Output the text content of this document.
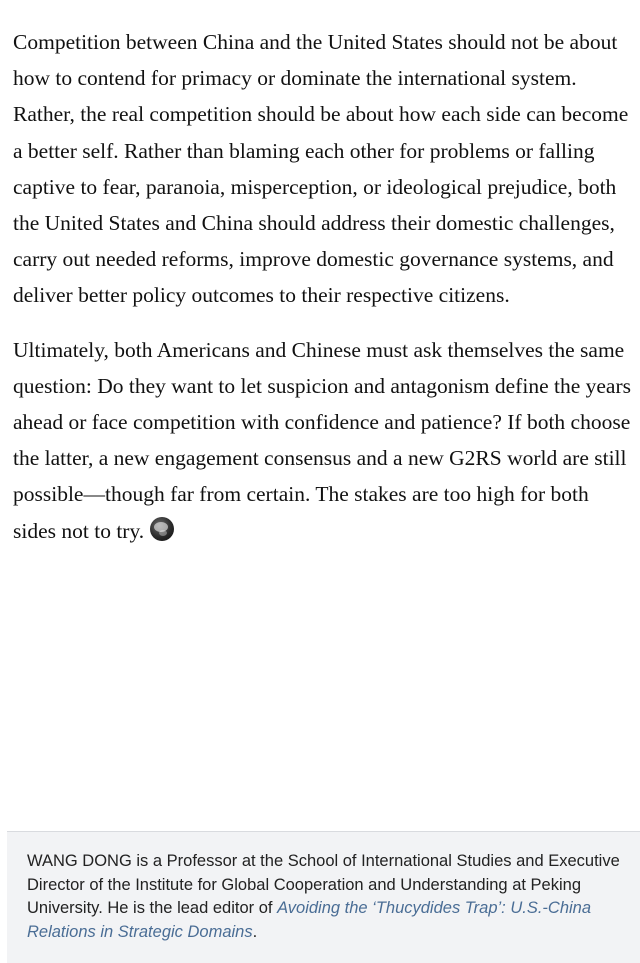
Competition between China and the United States should not be about how to contend for primacy or dominate the international system. Rather, the real competition should be about how each side can become a better self. Rather than blaming each other for problems or falling captive to fear, paranoia, misperception, or ideological prejudice, both the United States and China should address their domestic challenges, carry out needed reforms, improve domestic governance systems, and deliver better policy outcomes to their respective citizens.

Ultimately, both Americans and Chinese must ask themselves the same question: Do they want to let suspicion and antagonism define the years ahead or face competition with confidence and patience? If both choose the latter, a new engagement consensus and a new G2RS world are still possible—though far from certain. The stakes are too high for both sides not to try.

WANG DONG is a Professor at the School of International Studies and Executive Director of the Institute for Global Cooperation and Understanding at Peking University. He is the lead editor of Avoiding the ‘Thucydides Trap’: U.S.-China Relations in Strategic Domains.
